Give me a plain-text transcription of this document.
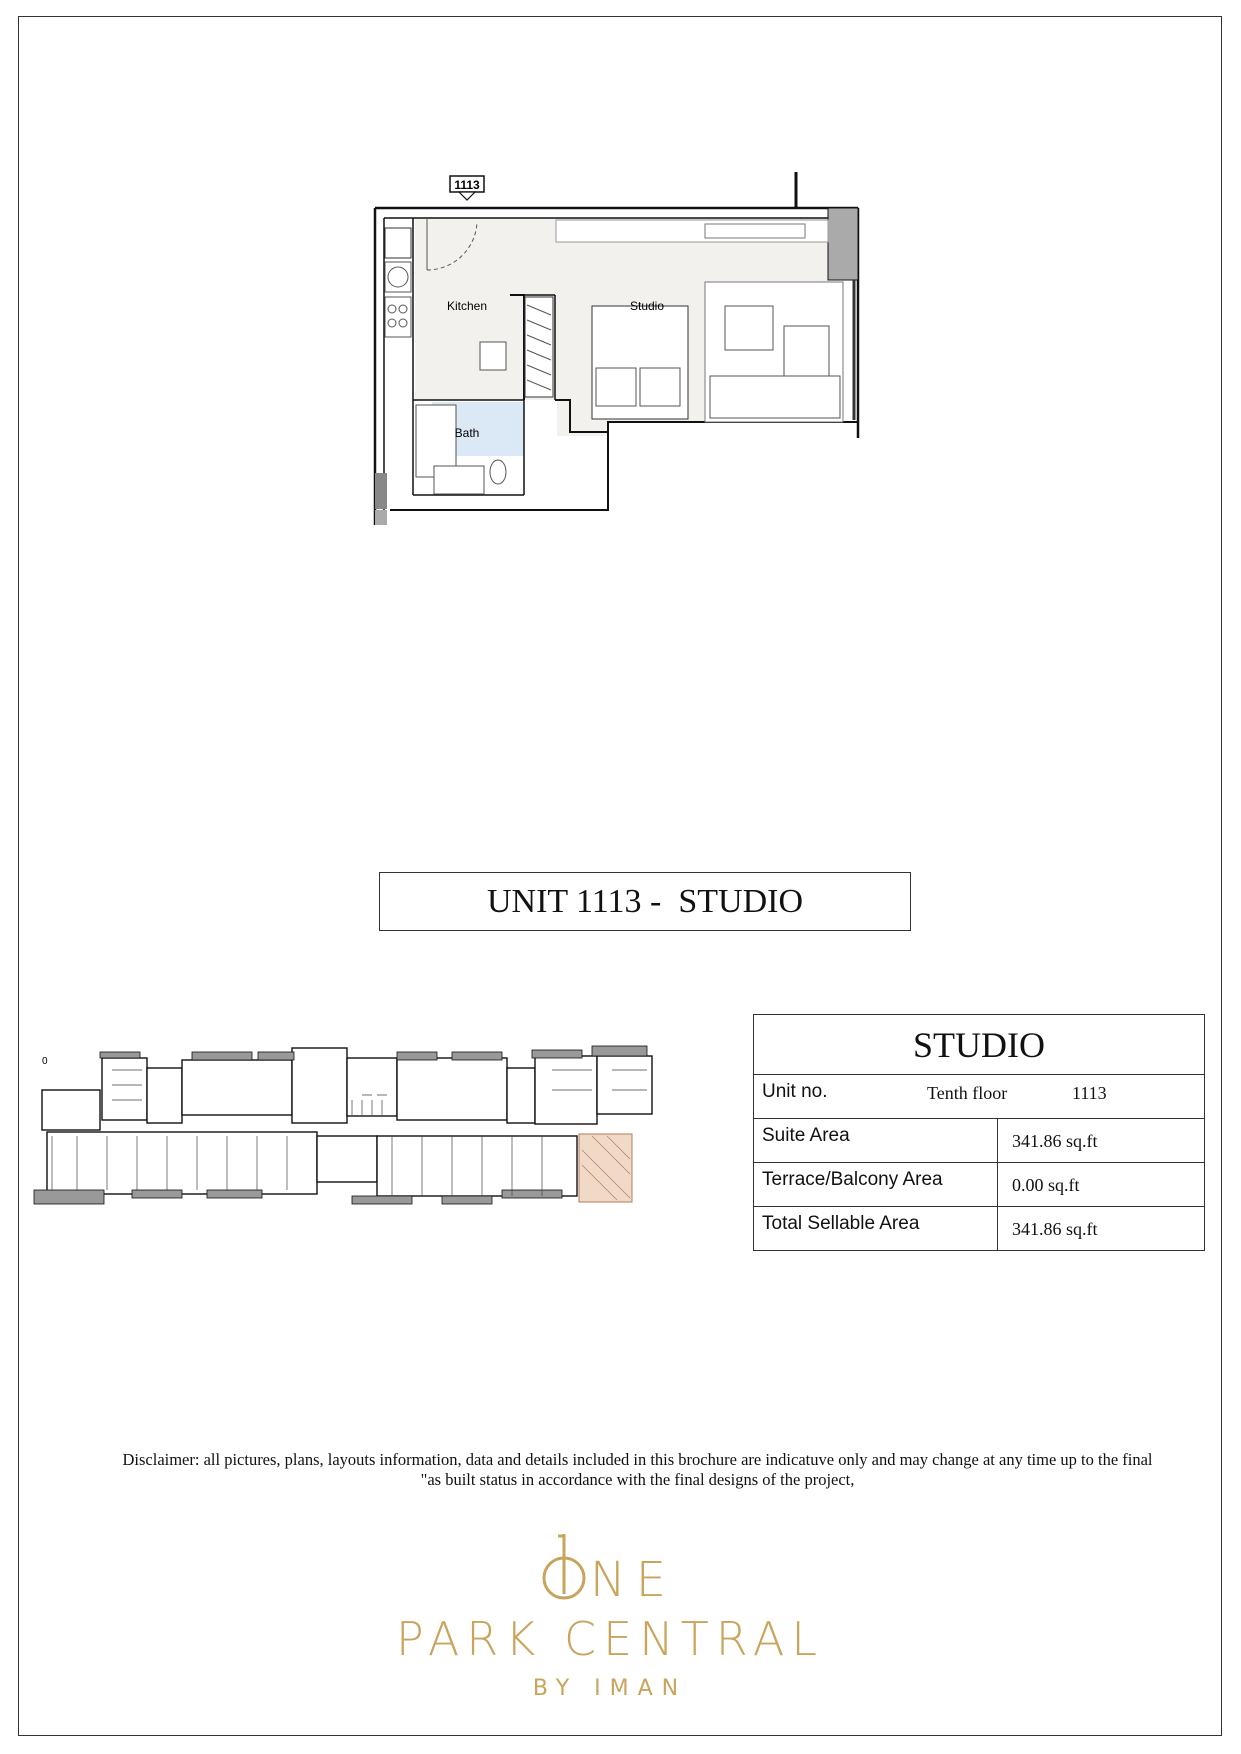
1113
Kitchen	Studio
Bath
UNIT 1113 -  STUDIO
0	STUDIO
Unit no.	Tenth floor	1113
Suite Area	341.86 sq.ft
Terrace/Balcony Area	0.00 sq.ft
Total Sellable Area	341.86 sq.ft
Disclaimer: all pictures, plans, layouts information, data and details included in this brochure are indicatuve only and may change at any time up to the final
"as built status in accordance with the final designs of the project,
NE
PARK CENTRAL
BY IMAN
